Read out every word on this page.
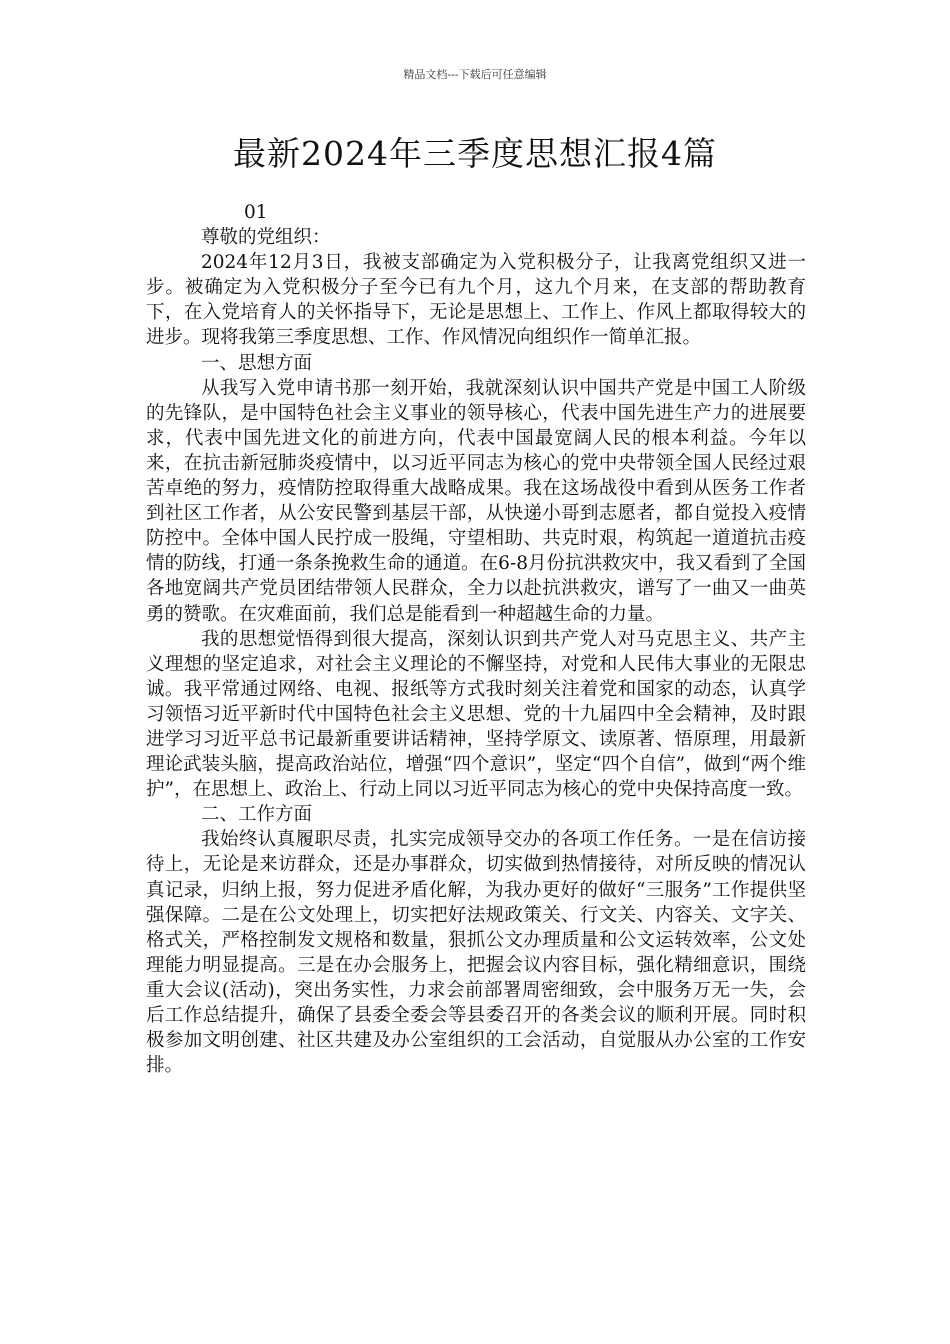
精品文档---下载后可任意编辑
最新2024年三季度思想汇报4篇

01

尊敬的党组织：

2024年12月3日，我被支部确定为入党积极分子，让我离党组织又进一步。被确定为入党积极分子至今已有九个月，这九个月来，在支部的帮助教育下，在入党培育人的关怀指导下，无论是思想上、工作上、作风上都取得较大的进步。现将我第三季度思想、工作、作风情况向组织作一简单汇报。

一、思想方面

从我写入党申请书那一刻开始，我就深刻认识中国共产党是中国工人阶级的先锋队，是中国特色社会主义事业的领导核心，代表中国先进生产力的进展要求，代表中国先进文化的前进方向，代表中国最宽阔人民的根本利益。今年以来，在抗击新冠肺炎疫情中，以习近平同志为核心的党中央带领全国人民经过艰苦卓绝的努力，疫情防控取得重大战略成果。我在这场战役中看到从医务工作者到社区工作者，从公安民警到基层干部，从快递小哥到志愿者，都自觉投入疫情防控中。全体中国人民拧成一股绳，守望相助、共克时艰，构筑起一道道抗击疫情的防线，打通一条条挽救生命的通道。在6-8月份抗洪救灾中，我又看到了全国各地宽阔共产党员团结带领人民群众，全力以赴抗洪救灾，谱写了一曲又一曲英勇的赞歌。在灾难面前，我们总是能看到一种超越生命的力量。

我的思想觉悟得到很大提高，深刻认识到共产党人对马克思主义、共产主义理想的坚定追求，对社会主义理论的不懈坚持，对党和人民伟大事业的无限忠诚。我平常通过网络、电视、报纸等方式我时刻关注着党和国家的动态，认真学习领悟习近平新时代中国特色社会主义思想、党的十九届四中全会精神，及时跟进学习习近平总书记最新重要讲话精神，坚持学原文、读原著、悟原理，用最新理论武装头脑，提高政治站位，增强“四个意识”，坚定“四个自信”，做到“两个维护”，在思想上、政治上、行动上同以习近平同志为核心的党中央保持高度一致。

二、工作方面

我始终认真履职尽责，扎实完成领导交办的各项工作任务。一是在信访接待上，无论是来访群众，还是办事群众，切实做到热情接待，对所反映的情况认真记录，归纳上报，努力促进矛盾化解，为我办更好的做好“三服务”工作提供坚强保障。二是在公文处理上，切实把好法规政策关、行文关、内容关、文字关、格式关，严格控制发文规格和数量，狠抓公文办理质量和公文运转效率，公文处理能力明显提高。三是在办会服务上，把握会议内容目标，强化精细意识，围绕重大会议(活动)，突出务实性，力求会前部署周密细致，会中服务万无一失，会后工作总结提升，确保了县委全委会等县委召开的各类会议的顺利开展。同时积极参加文明创建、社区共建及办公室组织的工会活动，自觉服从办公室的工作安排。
